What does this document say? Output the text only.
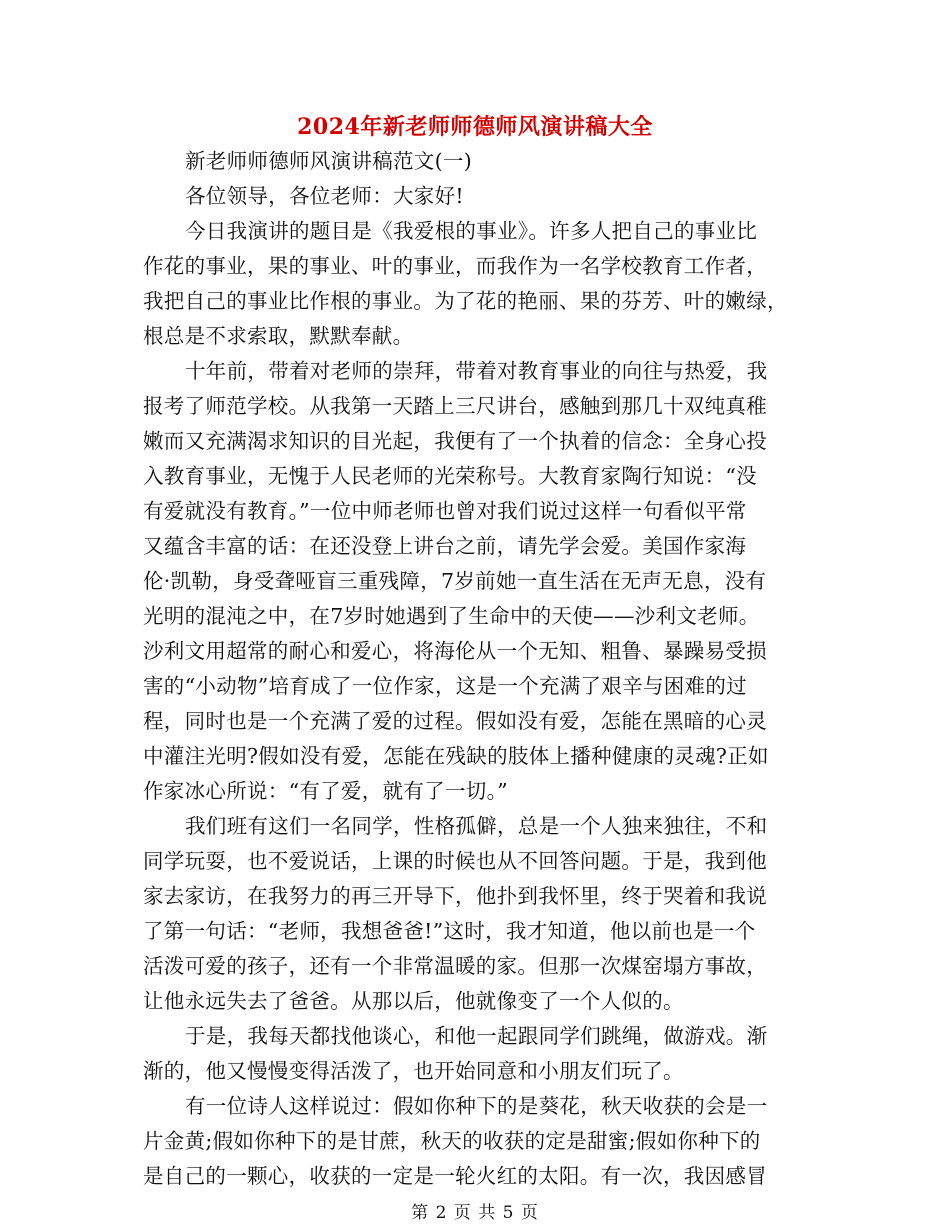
2024年新老师师德师风演讲稿大全
新老师师德师风演讲稿范文(一)
各位领导，各位老师：大家好!
今日我演讲的题目是《我爱根的事业》。许多人把自己的事业比
作花的事业，果的事业、叶的事业，而我作为一名学校教育工作者，
我把自己的事业比作根的事业。为了花的艳丽、果的芬芳、叶的嫩绿，
根总是不求索取，默默奉献。
十年前，带着对老师的崇拜，带着对教育事业的向往与热爱，我
报考了师范学校。从我第一天踏上三尺讲台，感触到那几十双纯真稚
嫩而又充满渴求知识的目光起，我便有了一个执着的信念：全身心投
入教育事业，无愧于人民老师的光荣称号。大教育家陶行知说：“没
有爱就没有教育。”一位中师老师也曾对我们说过这样一句看似平常
又蕴含丰富的话：在还没登上讲台之前，请先学会爱。美国作家海
伦·凯勒，身受聋哑盲三重残障，7岁前她一直生活在无声无息，没有
光明的混沌之中，在7岁时她遇到了生命中的天使——沙利文老师。
沙利文用超常的耐心和爱心，将海伦从一个无知、粗鲁、暴躁易受损
害的“小动物”培育成了一位作家，这是一个充满了艰辛与困难的过
程，同时也是一个充满了爱的过程。假如没有爱，怎能在黑暗的心灵
中灌注光明?假如没有爱，怎能在残缺的肢体上播种健康的灵魂?正如
作家冰心所说：“有了爱，就有了一切。”
我们班有这们一名同学，性格孤僻，总是一个人独来独往，不和
同学玩耍，也不爱说话，上课的时候也从不回答问题。于是，我到他
家去家访，在我努力的再三开导下，他扑到我怀里，终于哭着和我说
了第一句话：“老师，我想爸爸!”这时，我才知道，他以前也是一个
活泼可爱的孩子，还有一个非常温暖的家。但那一次煤窑塌方事故，
让他永远失去了爸爸。从那以后，他就像变了一个人似的。
于是，我每天都找他谈心，和他一起跟同学们跳绳，做游戏。渐
渐的，他又慢慢变得活泼了，也开始同意和小朋友们玩了。
有一位诗人这样说过：假如你种下的是葵花，秋天收获的会是一
片金黄;假如你种下的是甘蔗，秋天的收获的定是甜蜜;假如你种下的
是自己的一颗心，收获的一定是一轮火红的太阳。有一次，我因感冒
第 2 页 共 5 页
